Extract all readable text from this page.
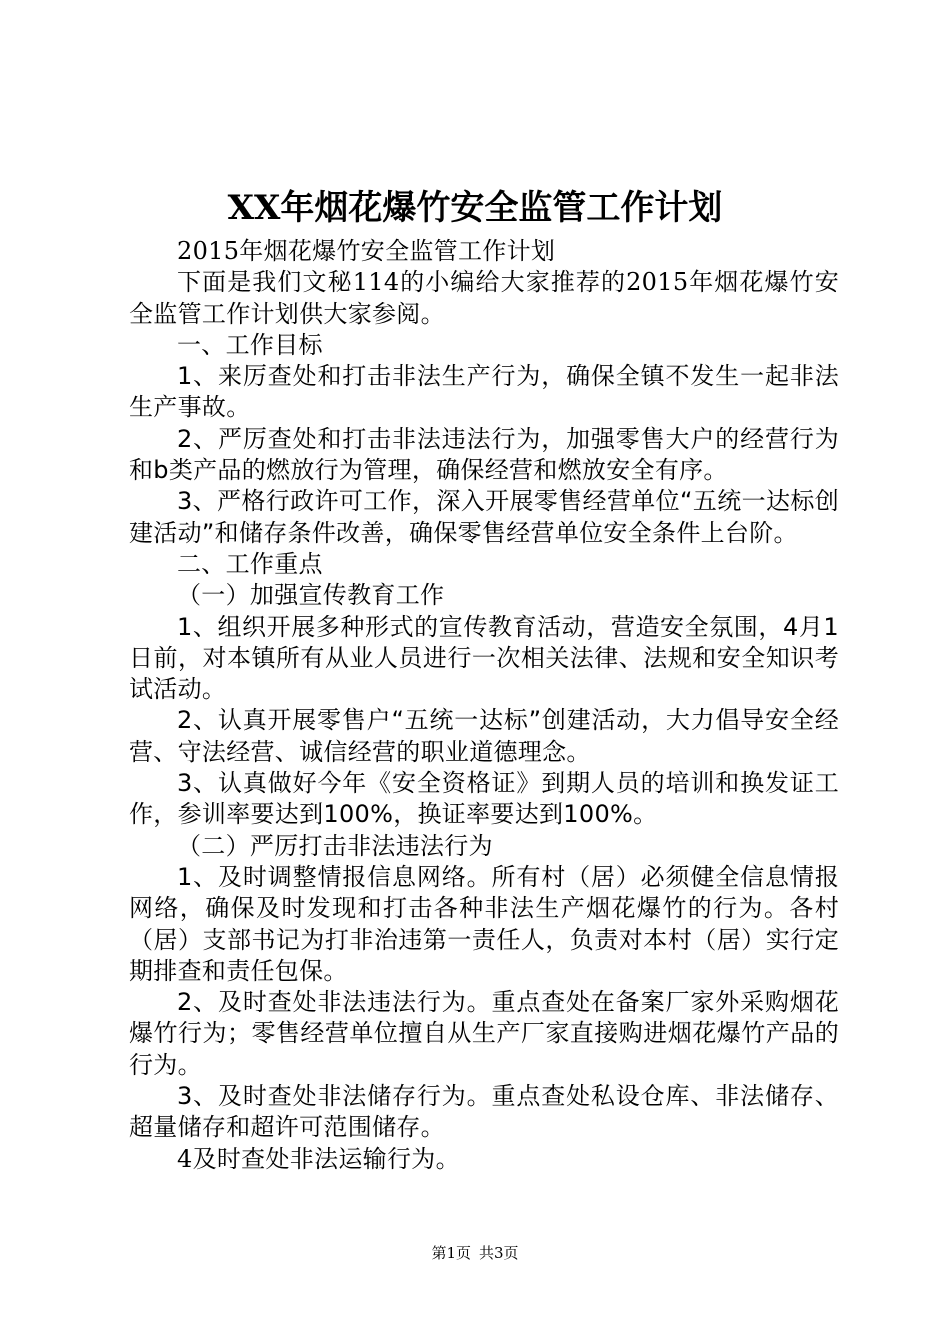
XX年烟花爆竹安全监管工作计划

2015年烟花爆竹安全监管工作计划

下面是我们文秘114的小编给大家推荐的2015年烟花爆竹安全监管工作计划供大家参阅。

一、工作目标

1、来厉查处和打击非法生产行为，确保全镇不发生一起非法生产事故。

2、严厉查处和打击非法违法行为，加强零售大户的经营行为和b类产品的燃放行为管理，确保经营和燃放安全有序。

3、严格行政许可工作，深入开展零售经营单位“五统一达标创建活动”和储存条件改善，确保零售经营单位安全条件上台阶。

二、工作重点

（一）加强宣传教育工作

1、组织开展多种形式的宣传教育活动，营造安全氛围，4月1日前，对本镇所有从业人员进行一次相关法律、法规和安全知识考试活动。

2、认真开展零售户“五统一达标”创建活动，大力倡导安全经营、守法经营、诚信经营的职业道德理念。

3、认真做好今年《安全资格证》到期人员的培训和换发证工作，参训率要达到100%，换证率要达到100%。

（二）严厉打击非法违法行为

1、及时调整情报信息网络。所有村（居）必须健全信息情报网络，确保及时发现和打击各种非法生产烟花爆竹的行为。各村（居）支部书记为打非治违第一责任人，负责对本村（居）实行定期排查和责任包保。

2、及时查处非法违法行为。重点查处在备案厂家外采购烟花爆竹行为；零售经营单位擅自从生产厂家直接购进烟花爆竹产品的行为。

3、及时查处非法储存行为。重点查处私设仓库、非法储存、超量储存和超许可范围储存。

4及时查处非法运输行为。

第1页 共3页
